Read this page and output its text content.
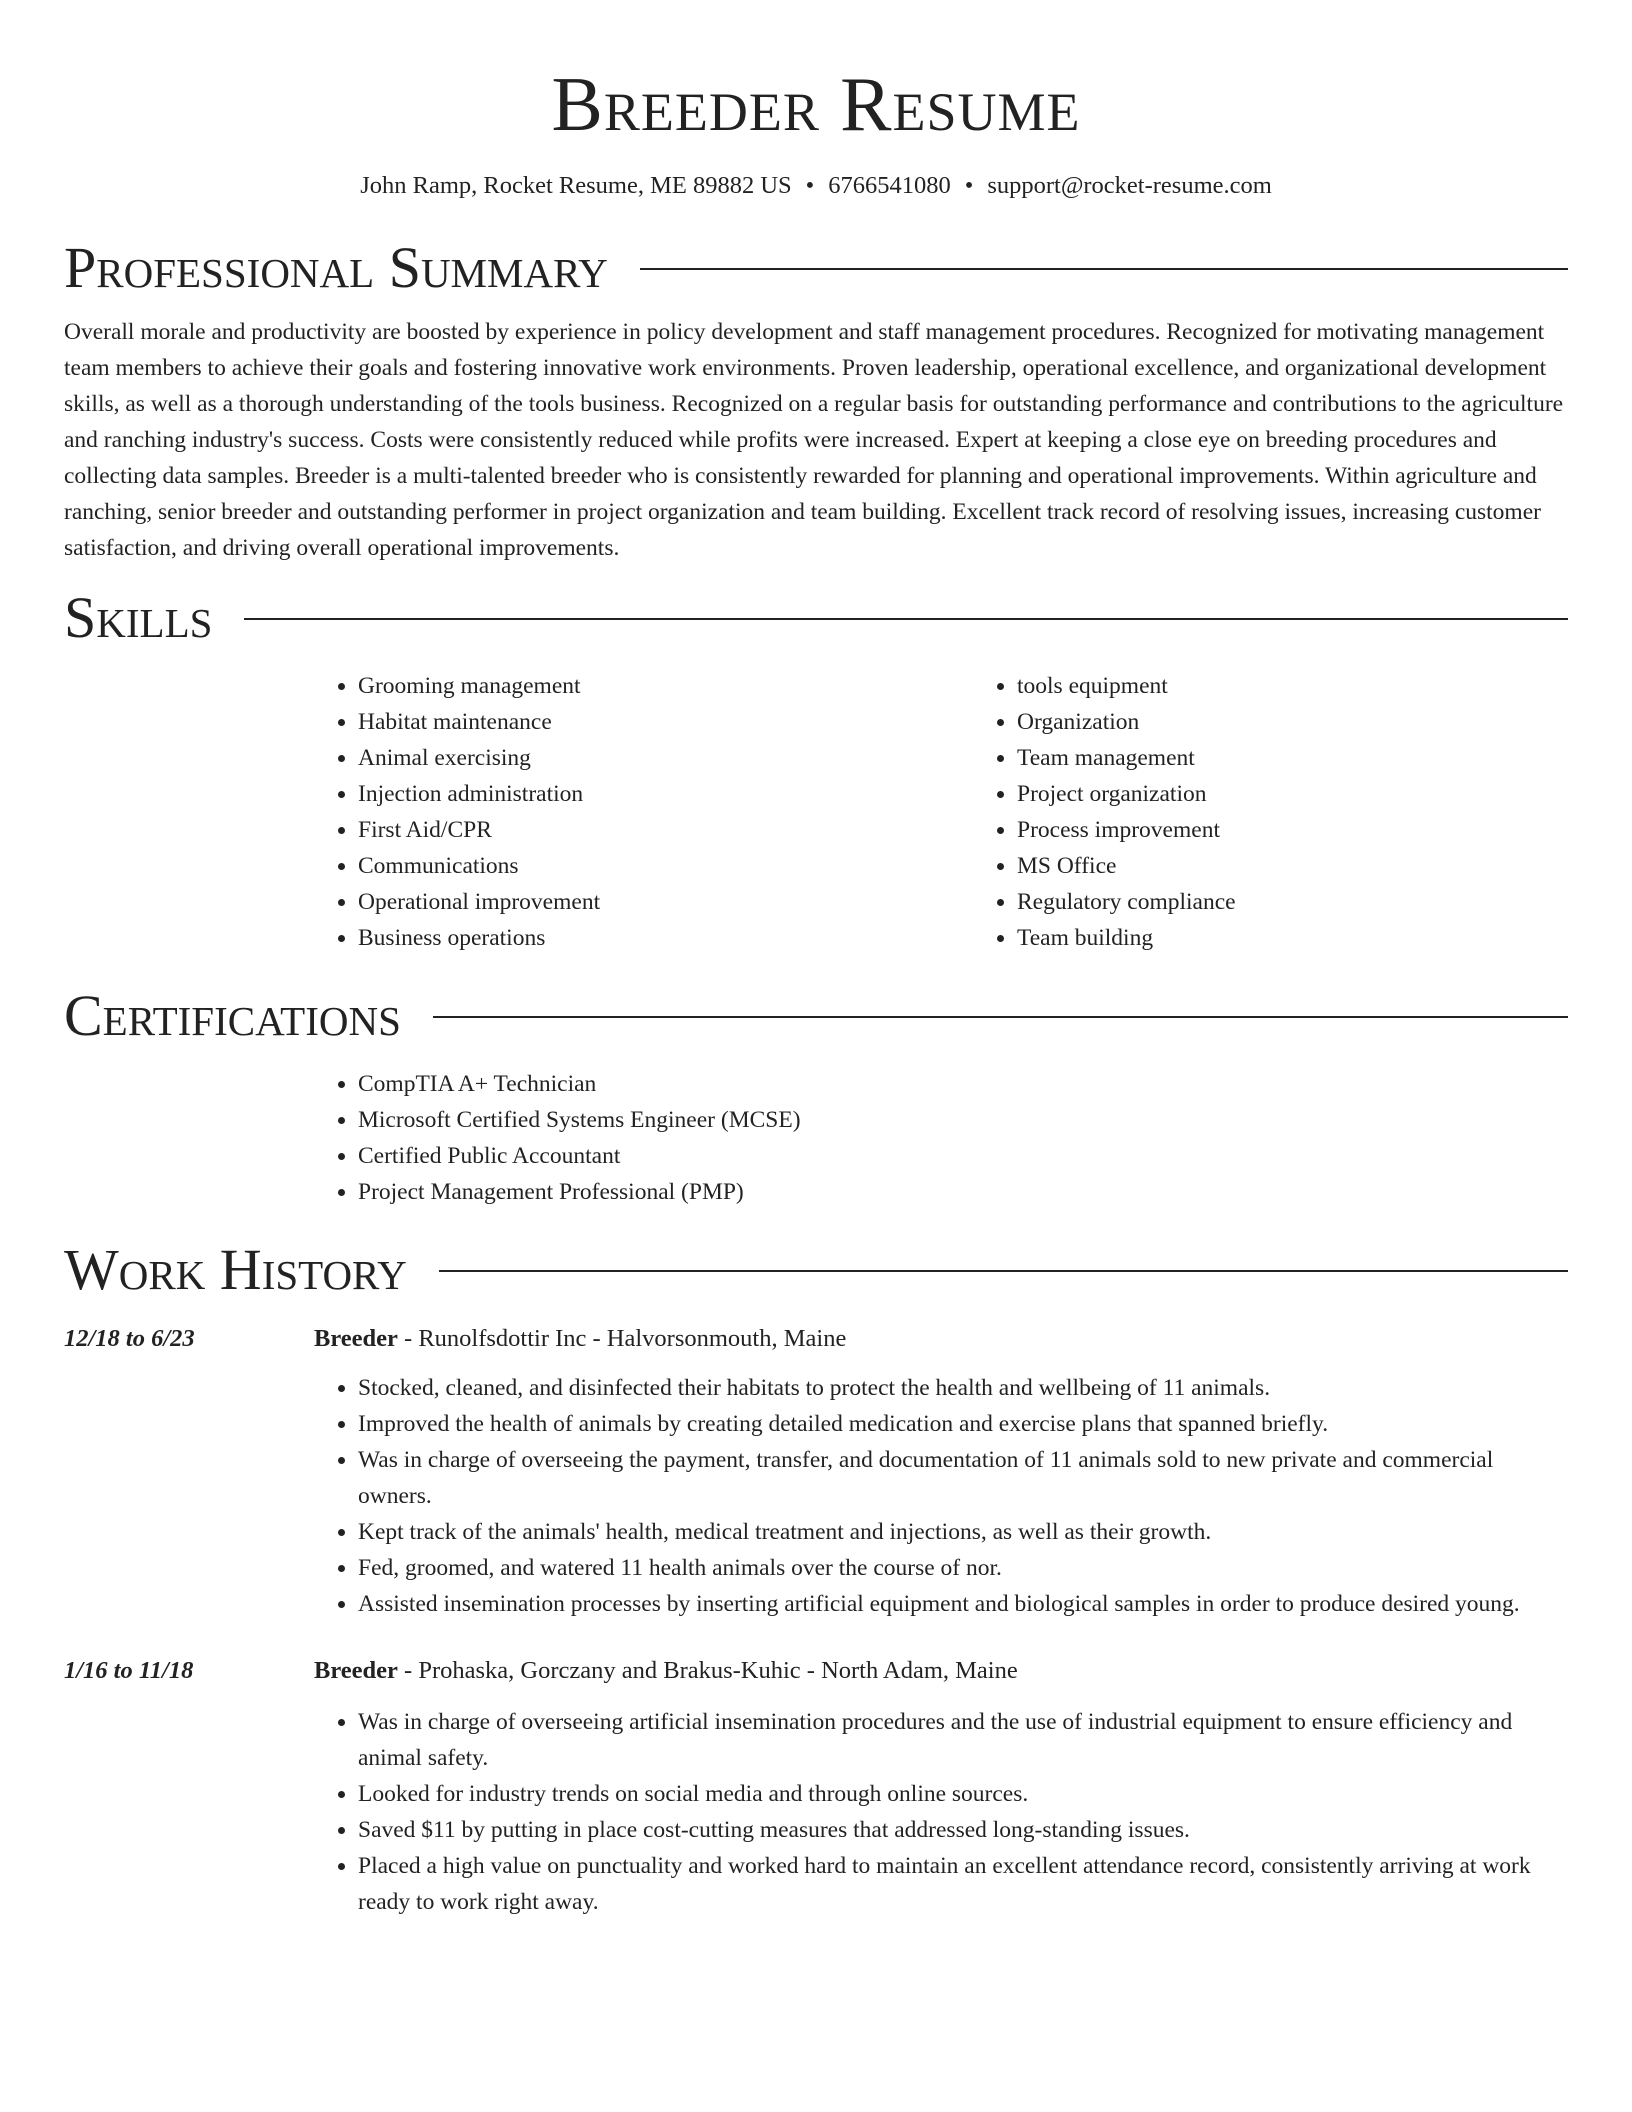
Breeder Resume
John Ramp, Rocket Resume, ME 89882 US • 6766541080 • support@rocket-resume.com
Professional Summary

Overall morale and productivity are boosted by experience in policy development and staff management procedures. Recognized for motivating management team members to achieve their goals and fostering innovative work environments. Proven leadership, operational excellence, and organizational development skills, as well as a thorough understanding of the tools business. Recognized on a regular basis for outstanding performance and contributions to the agriculture and ranching industry's success. Costs were consistently reduced while profits were increased. Expert at keeping a close eye on breeding procedures and collecting data samples. Breeder is a multi-talented breeder who is consistently rewarded for planning and operational improvements. Within agriculture and ranching, senior breeder and outstanding performer in project organization and team building. Excellent track record of resolving issues, increasing customer satisfaction, and driving overall operational improvements.

Skills
• Grooming management
• Habitat maintenance
• Animal exercising
• Injection administration
• First Aid/CPR
• Communications
• Operational improvement
• Business operations
• tools equipment
• Organization
• Team management
• Project organization
• Process improvement
• MS Office
• Regulatory compliance
• Team building
Certifications
• CompTIA A+ Technician
• Microsoft Certified Systems Engineer (MCSE)
• Certified Public Accountant
• Project Management Professional (PMP)
Work History
12/18 to 6/23	Breeder - Runolfsdottir Inc - Halvorsonmouth, Maine
• Stocked, cleaned, and disinfected their habitats to protect the health and wellbeing of 11 animals.
• Improved the health of animals by creating detailed medication and exercise plans that spanned briefly.
• Was in charge of overseeing the payment, transfer, and documentation of 11 animals sold to new private and commercial owners.
• Kept track of the animals' health, medical treatment and injections, as well as their growth.
• Fed, groomed, and watered 11 health animals over the course of nor.
• Assisted insemination processes by inserting artificial equipment and biological samples in order to produce desired young.
1/16 to 11/18	Breeder - Prohaska, Gorczany and Brakus-Kuhic - North Adam, Maine
• Was in charge of overseeing artificial insemination procedures and the use of industrial equipment to ensure efficiency and animal safety.
• Looked for industry trends on social media and through online sources.
• Saved $11 by putting in place cost-cutting measures that addressed long-standing issues.
• Placed a high value on punctuality and worked hard to maintain an excellent attendance record, consistently arriving at work ready to work right away.
